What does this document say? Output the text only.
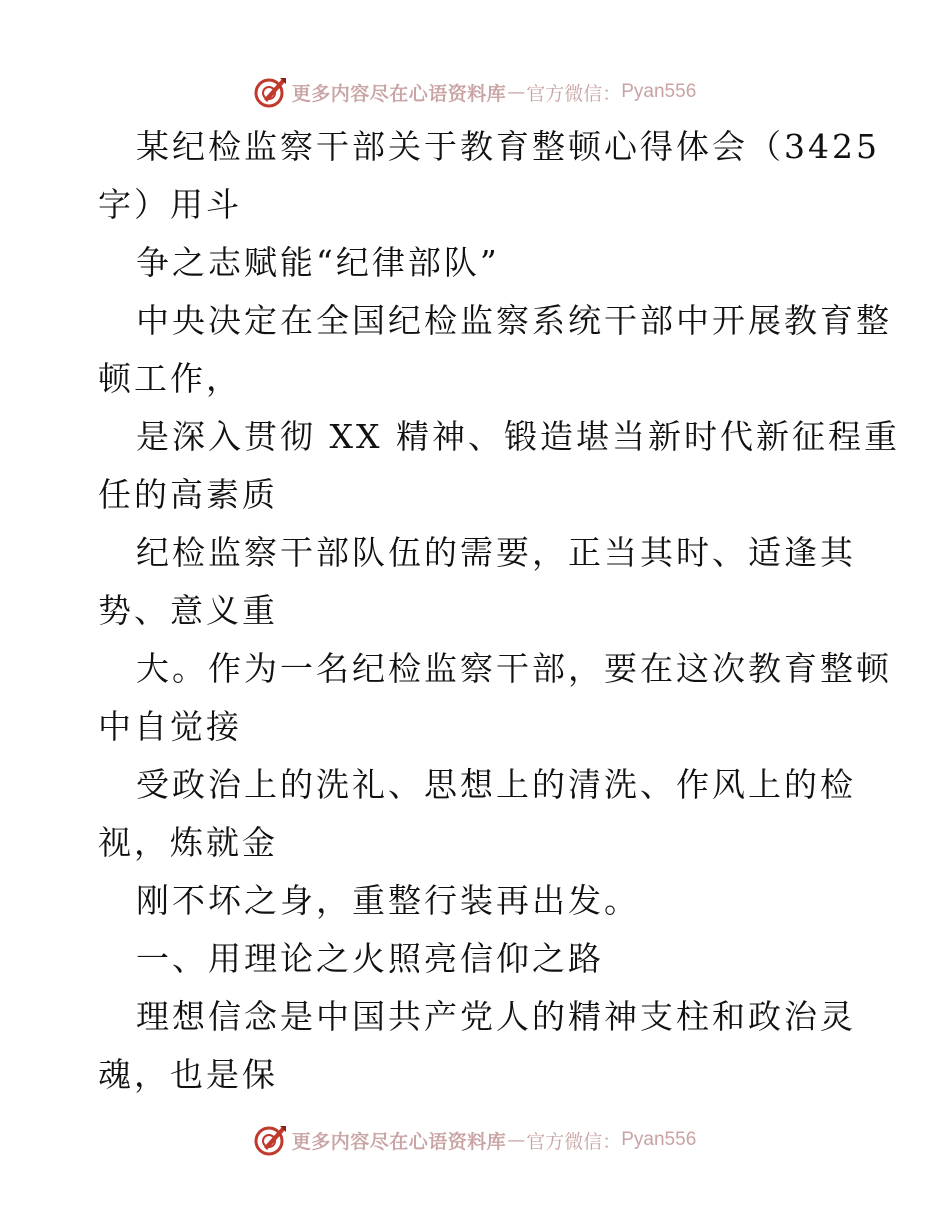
更多内容尽在心语资料库 — 官方微信： Pyan556
某纪检监察干部关于教育整顿心得体会（3425
字）用斗
争之志赋能“纪律部队”
中央决定在全国纪检监察系统干部中开展教育整
顿工作，
是深入贯彻 XX 精神、锻造堪当新时代新征程重
任的高素质
纪检监察干部队伍的需要，正当其时、适逢其
势、意义重
大。作为一名纪检监察干部，要在这次教育整顿
中自觉接
受政治上的洗礼、思想上的清洗、作风上的检
视，炼就金
刚不坏之身，重整行装再出发。
一、用理论之火照亮信仰之路
理想信念是中国共产党人的精神支柱和政治灵
魂，也是保
更多内容尽在心语资料库 — 官方微信： Pyan556
